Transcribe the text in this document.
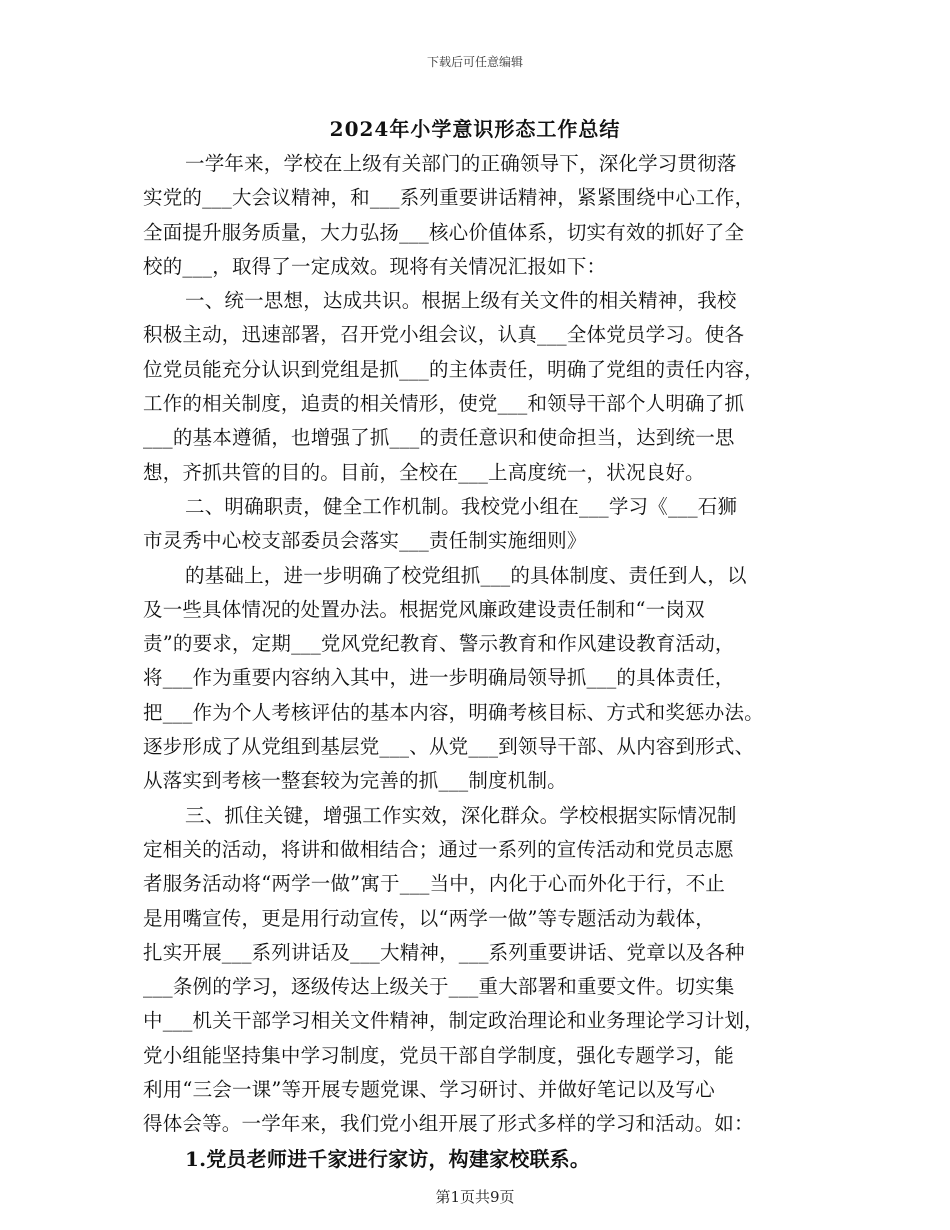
下载后可任意编辑
2024年小学意识形态工作总结
一学年来，学校在上级有关部门的正确领导下，深化学习贯彻落
实党的___大会议精神，和___系列重要讲话精神，紧紧围绕中心工作，
全面提升服务质量，大力弘扬___核心价值体系，切实有效的抓好了全
校的___，取得了一定成效。现将有关情况汇报如下：
一、统一思想，达成共识。根据上级有关文件的相关精神，我校
积极主动，迅速部署，召开党小组会议，认真___全体党员学习。使各
位党员能充分认识到党组是抓___的主体责任，明确了党组的责任内容，
工作的相关制度，追责的相关情形，使党___和领导干部个人明确了抓
___的基本遵循，也增强了抓___的责任意识和使命担当，达到统一思
想，齐抓共管的目的。目前，全校在___上高度统一，状况良好。
二、明确职责，健全工作机制。我校党小组在___学习《___石狮
市灵秀中心校支部委员会落实___责任制实施细则》
的基础上，进一步明确了校党组抓___的具体制度、责任到人，以
及一些具体情况的处置办法。根据党风廉政建设责任制和“一岗双
责”的要求，定期___党风党纪教育、警示教育和作风建设教育活动，
将___作为重要内容纳入其中，进一步明确局领导抓___的具体责任，
把___作为个人考核评估的基本内容，明确考核目标、方式和奖惩办法。
逐步形成了从党组到基层党___、从党___到领导干部、从内容到形式、
从落实到考核一整套较为完善的抓___制度机制。
三、抓住关键，增强工作实效，深化群众。学校根据实际情况制
定相关的活动，将讲和做相结合；通过一系列的宣传活动和党员志愿
者服务活动将“两学一做”寓于___当中，内化于心而外化于行，不止
是用嘴宣传，更是用行动宣传，以“两学一做”等专题活动为载体，
扎实开展___系列讲话及___大精神，___系列重要讲话、党章以及各种
___条例的学习，逐级传达上级关于___重大部署和重要文件。切实集
中___机关干部学习相关文件精神，制定政治理论和业务理论学习计划，
党小组能坚持集中学习制度，党员干部自学制度，强化专题学习，能
利用“三会一课”等开展专题党课、学习研讨、并做好笔记以及写心
得体会等。一学年来，我们党小组开展了形式多样的学习和活动。如：
1.党员老师进千家进行家访，构建家校联系。
第1页共9页
